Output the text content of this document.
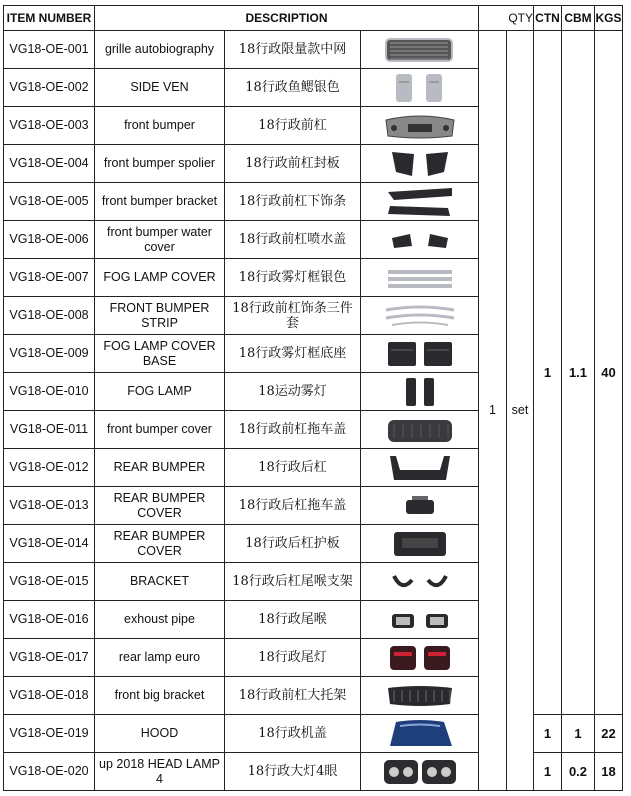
ITEM NUMBER	DESCRIPTION			QTY		CTN	CBM	KGS
VG18-OE-001	grille autobiography	18行政限量款中网		1	set	1	1.1	40
VG18-OE-002	SIDE VEN	18行政鱼鳃银色	

VG18-OE-003	front bumper	18行政前杠	

VG18-OE-004	front bumper spolier	18行政前杠封板	

VG18-OE-005	front bumper bracket	18行政前杠下饰条	

VG18-OE-006	front bumper water cover	18行政前杠喷水盖	

VG18-OE-007	FOG LAMP COVER	18行政雾灯框银色	

VG18-OE-008	FRONT BUMPER STRIP	18行政前杠饰条三件套	

VG18-OE-009	FOG LAMP COVER BASE	18行政雾灯框底座	

VG18-OE-010	FOG LAMP	18运动雾灯	

VG18-OE-011	front bumper cover	18行政前杠拖车盖	

VG18-OE-012	REAR BUMPER	18行政后杠	

VG18-OE-013	REAR BUMPER COVER	18行政后杠拖车盖	

VG18-OE-014	REAR BUMPER COVER	18行政后杠护板	

VG18-OE-015	BRACKET	18行政后杠尾喉支架	

VG18-OE-016	exhoust pipe	18行政尾喉	

VG18-OE-017	rear lamp euro	18行政尾灯	

VG18-OE-018	front big bracket	18行政前杠大托架	

VG18-OE-019	HOOD	18行政机盖				1	1	22
VG18-OE-020	up 2018 HEAD LAMP 4	18行政大灯4眼				1	0.2	18
